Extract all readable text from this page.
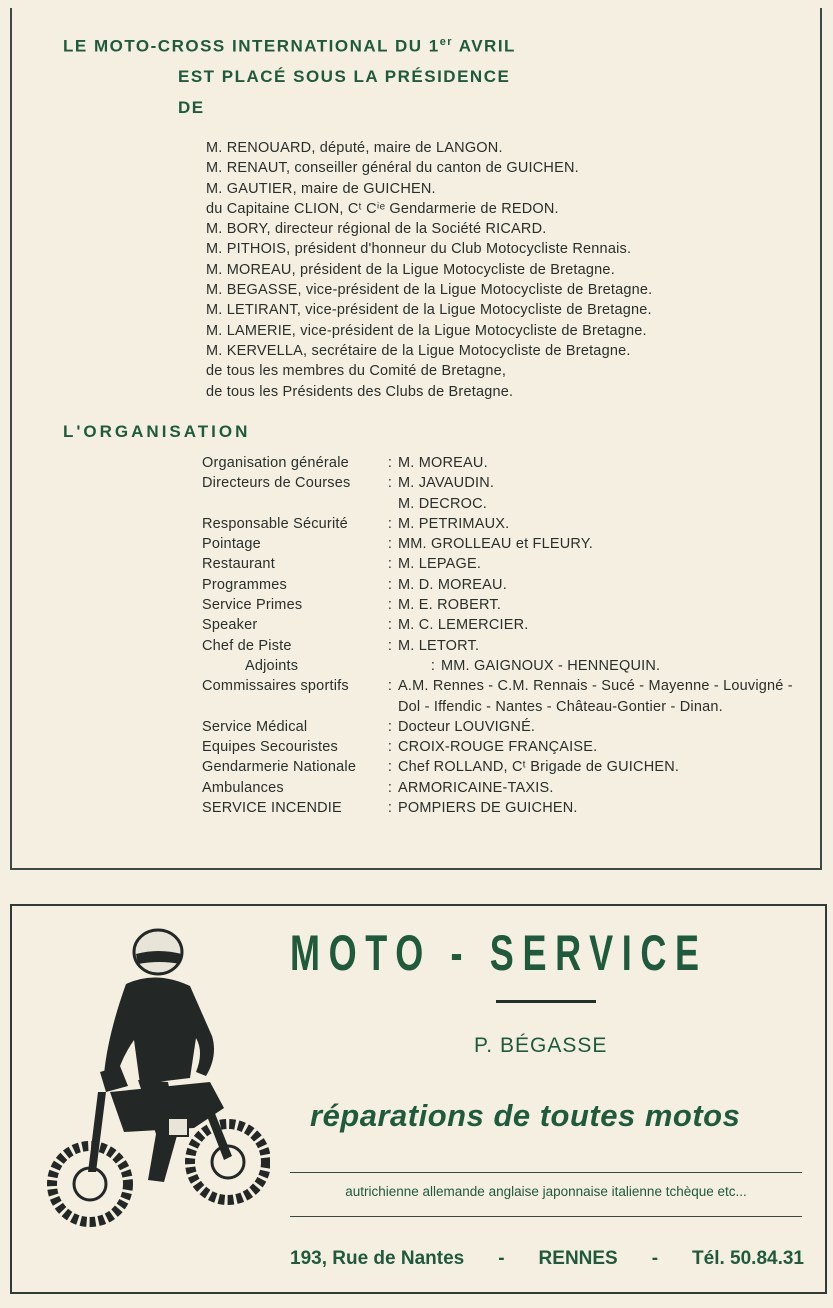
LE MOTO-CROSS INTERNATIONAL DU 1er AVRIL
EST PLACÉ SOUS LA PRÉSIDENCE
DE
M. RENOUARD, député, maire de LANGON.
M. RENAUT, conseiller général du canton de GUICHEN.
M. GAUTIER, maire de GUICHEN.
du Capitaine CLION, Cᵗ Cⁱᵉ Gendarmerie de REDON.
M. BORY, directeur régional de la Société RICARD.
M. PITHOIS, président d'honneur du Club Motocycliste Rennais.
M. MOREAU, président de la Ligue Motocycliste de Bretagne.
M. BEGASSE, vice-président de la Ligue Motocycliste de Bretagne.
M. LETIRANT, vice-président de la Ligue Motocycliste de Bretagne.
M. LAMERIE, vice-président de la Ligue Motocycliste de Bretagne.
M. KERVELLA, secrétaire de la Ligue Motocycliste de Bretagne.
de tous les membres du Comité de Bretagne,
de tous les Présidents des Clubs de Bretagne.
L'ORGANISATION
Organisation générale	: M. MOREAU.
Directeurs de Courses	: M. JAVAUDIN.
M. DECROC.
Responsable Sécurité	: M. PETRIMAUX.
Pointage	: MM. GROLLEAU et FLEURY.
Restaurant	: M. LEPAGE.
Programmes	: M. D. MOREAU.
Service Primes	: M. E. ROBERT.
Speaker	: M. C. LEMERCIER.
Chef de Piste	: M. LETORT.
Adjoints	: MM. GAIGNOUX - HENNEQUIN.
Commissaires sportifs	: A.M. Rennes - C.M. Rennais - Sucé - Mayenne - Louvigné - Dol - Iffendic - Nantes - Château-Gontier - Dinan.
Service Médical	: Docteur LOUVIGNÉ.
Equipes Secouristes	: CROIX-ROUGE FRANÇAISE.
Gendarmerie Nationale	: Chef ROLLAND, Cᵗ Brigade de GUICHEN.
Ambulances	: ARMORICAINE-TAXIS.
SERVICE INCENDIE	: POMPIERS DE GUICHEN.
MOTO - SERVICE
P. BÉGASSE
réparations de toutes motos
autrichienne allemande anglaise japonnaise italienne tchèque etc...
193, Rue de Nantes - RENNES - Tél. 50.84.31
